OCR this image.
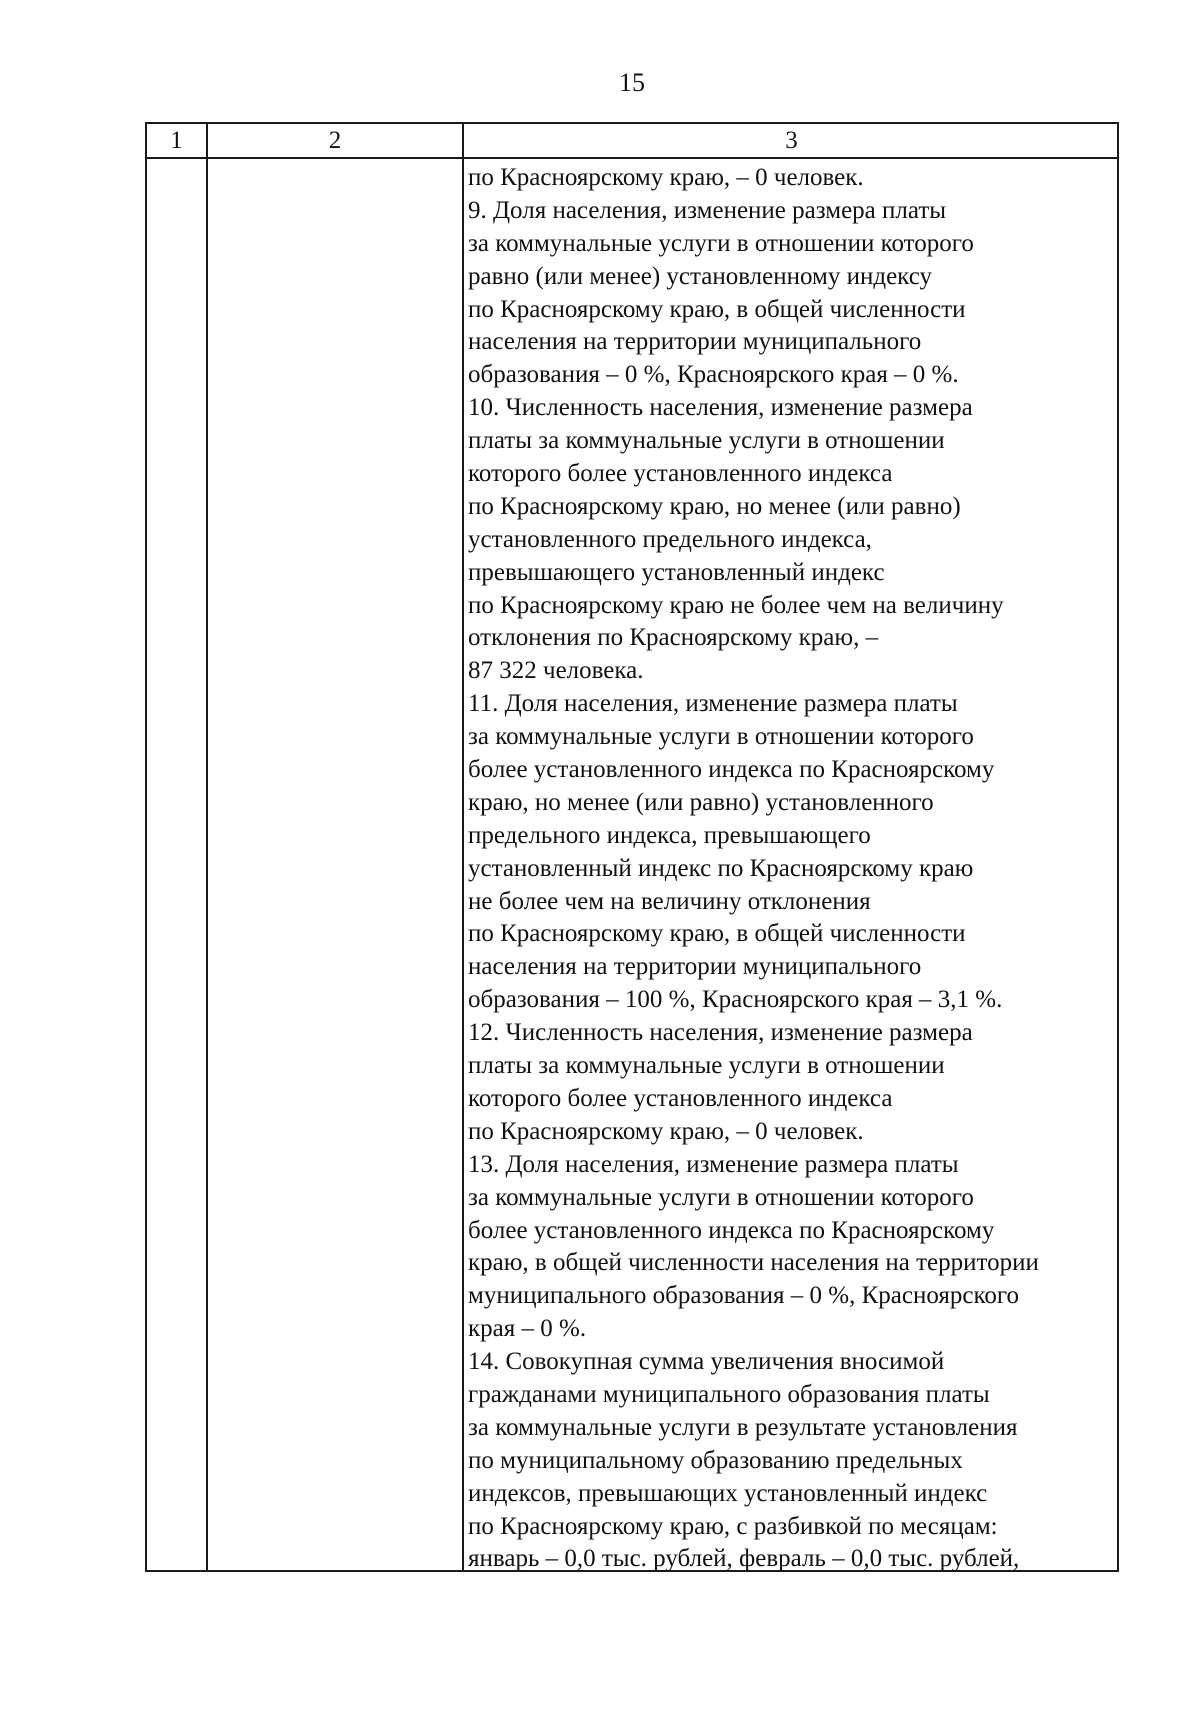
15
1	2	3
по Красноярскому краю, – 0 человек.
9. Доля населения, изменение размера платы
за коммунальные услуги в отношении которого
равно (или менее) установленному индексу
по Красноярскому краю, в общей численности
населения на территории муниципального
образования – 0 %, Красноярского края – 0 %.
10. Численность населения, изменение размера
платы за коммунальные услуги в отношении
которого более установленного индекса
по Красноярскому краю, но менее (или равно)
установленного предельного индекса,
превышающего установленный индекс
по Красноярскому краю не более чем на величину
отклонения по Красноярскому краю, –
87 322 человека.
11. Доля населения, изменение размера платы
за коммунальные услуги в отношении которого
более установленного индекса по Красноярскому
краю, но менее (или равно) установленного
предельного индекса, превышающего
установленный индекс по Красноярскому краю
не более чем на величину отклонения
по Красноярскому краю, в общей численности
населения на территории муниципального
образования – 100 %, Красноярского края – 3,1 %.
12. Численность населения, изменение размера
платы за коммунальные услуги в отношении
которого более установленного индекса
по Красноярскому краю, – 0 человек.
13. Доля населения, изменение размера платы
за коммунальные услуги в отношении которого
более установленного индекса по Красноярскому
краю, в общей численности населения на территории
муниципального образования – 0 %, Красноярского
края – 0 %.
14. Совокупная сумма увеличения вносимой
гражданами муниципального образования платы
за коммунальные услуги в результате установления
по муниципальному образованию предельных
индексов, превышающих установленный индекс
по Красноярскому краю, с разбивкой по месяцам:
январь – 0,0 тыс. рублей, февраль – 0,0 тыс. рублей,
